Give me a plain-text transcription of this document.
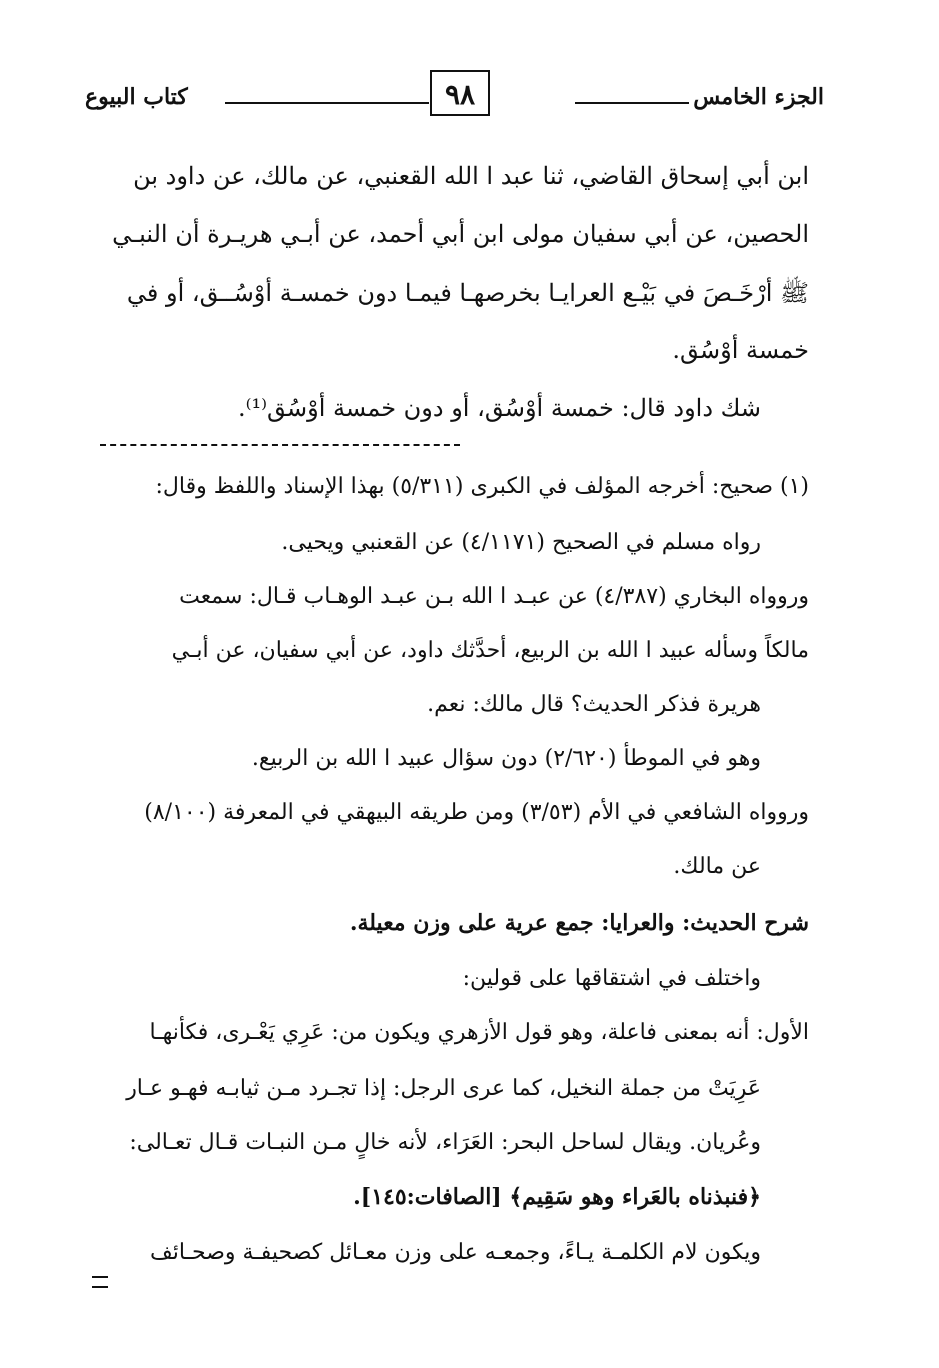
الجزء الخامس
٩٨
كتاب البيوع
ابن أبي إسحاق القاضي، ثنا عبد ا الله القعنبي، عن مالك، عن داود بن
الحصين، عن أبي سفيان مولى ابن أبي أحمد، عن أبـي هريـرة أن النبـي
ﷺ أرْخَـصَ في بَيْـع العرايـا بخرصهـا فيمـا دون خمسـة أوْسُــق، أو في
خمسة أوْسُق.
شك داود قال: خمسة أوْسُق، أو دون خمسة أوْسُق⁽¹⁾.
(١) صحيح: أخرجه المؤلف في الكبرى (٥/٣١١) بهذا الإسناد واللفظ وقال:
رواه مسلم في الصحيح (٤/١١٧١) عن القعنبي ويحيى.
وروواه البخاري (٤/٣٨٧) عن عبـد ا الله بـن عبـد الوهـاب قـال: سمعت
مالكاً وسأله عبيد ا الله بن الربيع، أحدَّثك داود، عن أبي سفيان، عن أبـي
هريرة فذكر الحديث؟ قال مالك: نعم.
وهو في الموطأ (٢/٦٢٠) دون سؤال عبيد ا الله بن الربيع.
وروواه الشافعي في الأم (٣/٥٣) ومن طريقه البيهقي في المعرفة (٨/١٠٠)
عن مالك.
شرح الحديث: والعرايا: جمع عرية على وزن معيلة.
واختلف في اشتقاقها على قولين:
الأول: أنه بمعنى فاعلة، وهو قول الأزهري ويكون من: عَرِي يَعْـرى، فكأنهـا
عَرِيَتْ من جملة النخيل، كما عرى الرجل: إذا تجـرد مـن ثيابـه فهـو عـار
وعُريان. ويقال لساحل البحر: العَرَاء، لأنه خالٍ مـن النبـات قـال تعـالى:
﴿فنبذناه بالعَراء وهو سَقِيم﴾ [الصافات:١٤٥].
ويكون لام الكلمـة يـاءً، وجمعـه على وزن معـائل كصحيفـة وصحـائف
